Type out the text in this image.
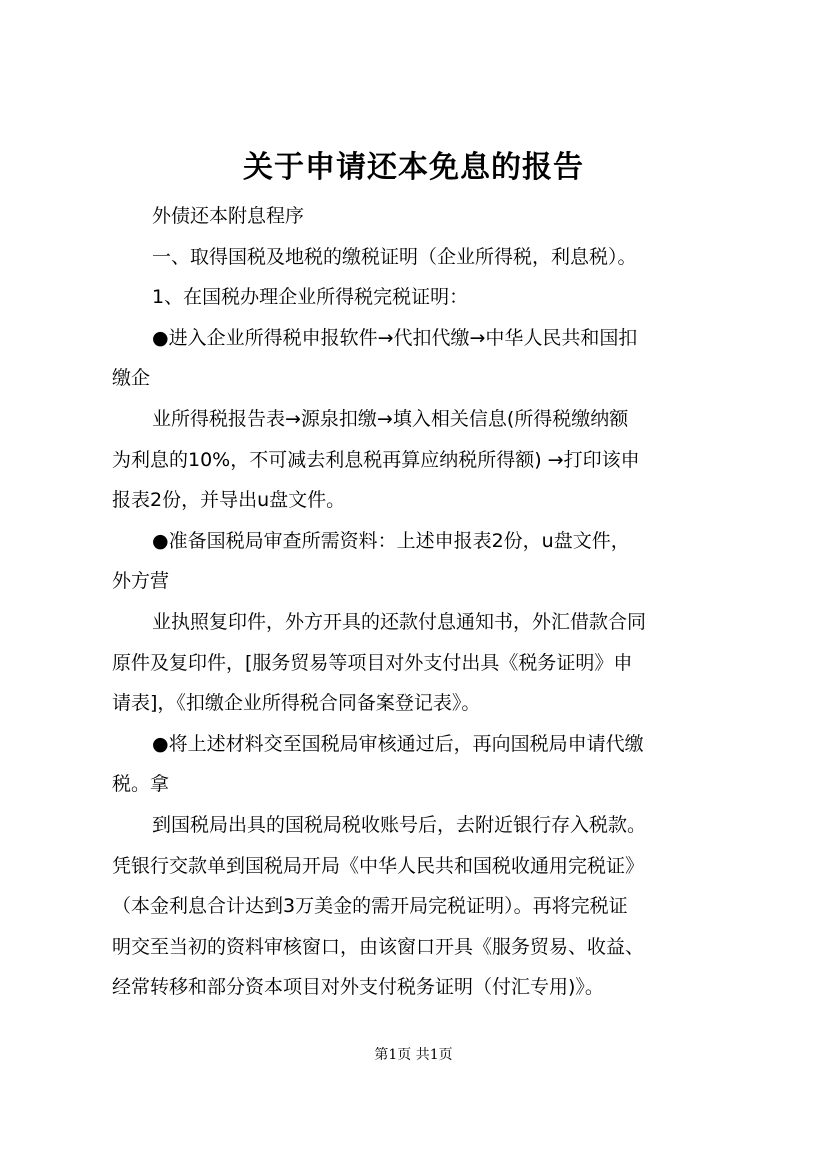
关于申请还本免息的报告
外债还本附息程序
一、取得国税及地税的缴税证明（企业所得税，利息税）。
1、在国税办理企业所得税完税证明：
●进入企业所得税申报软件→代扣代缴→中华人民共和国扣
缴企
业所得税报告表→源泉扣缴→填入相关信息(所得税缴纳额
为利息的10%，不可减去利息税再算应纳税所得额) →打印该申
报表2份，并导出u盘文件。
●准备国税局审查所需资料：上述申报表2份，u盘文件，
外方营
业执照复印件，外方开具的还款付息通知书，外汇借款合同
原件及复印件，[服务贸易等项目对外支付出具《税务证明》申
请表]，《扣缴企业所得税合同备案登记表》。
●将上述材料交至国税局审核通过后，再向国税局申请代缴
税。拿
到国税局出具的国税局税收账号后，去附近银行存入税款。
凭银行交款单到国税局开局《中华人民共和国税收通用完税证》
（本金利息合计达到3万美金的需开局完税证明）。再将完税证
明交至当初的资料审核窗口，由该窗口开具《服务贸易、收益、
经常转移和部分资本项目对外支付税务证明（付汇专用)》。
第1页 共1页
